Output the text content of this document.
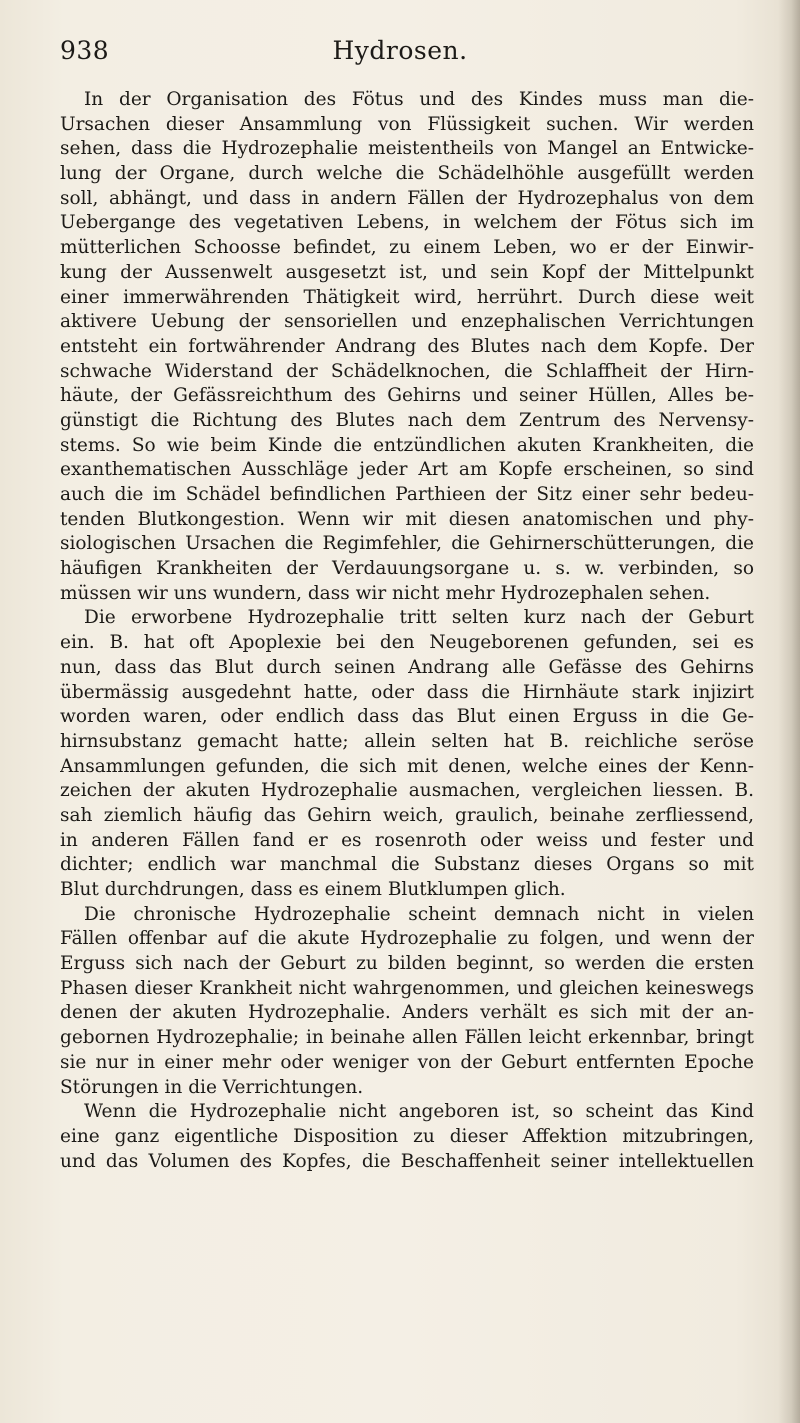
938	Hydrosen.
In der Organisation des Fötus und des Kindes muss man die-
Ursachen dieser Ansammlung von Flüssigkeit suchen. Wir werden
sehen, dass die Hydrozephalie meistentheils von Mangel an Entwicke-
lung der Organe, durch welche die Schädelhöhle ausgefüllt werden
soll, abhängt, und dass in andern Fällen der Hydrozephalus von dem
Uebergange des vegetativen Lebens, in welchem der Fötus sich im
mütterlichen Schoosse befindet, zu einem Leben, wo er der Einwir-
kung der Aussenwelt ausgesetzt ist, und sein Kopf der Mittelpunkt
einer immerwährenden Thätigkeit wird, herrührt. Durch diese weit
aktivere Uebung der sensoriellen und enzephalischen Verrichtungen
entsteht ein fortwährender Andrang des Blutes nach dem Kopfe. Der
schwache Widerstand der Schädelknochen, die Schlaffheit der Hirn-
häute, der Gefässreichthum des Gehirns und seiner Hüllen, Alles be-
günstigt die Richtung des Blutes nach dem Zentrum des Nervensy-
stems. So wie beim Kinde die entzündlichen akuten Krankheiten, die
exanthematischen Ausschläge jeder Art am Kopfe erscheinen, so sind
auch die im Schädel befindlichen Parthieen der Sitz einer sehr bedeu-
tenden Blutkongestion. Wenn wir mit diesen anatomischen und phy-
siologischen Ursachen die Regimfehler, die Gehirnerschütterungen, die
häufigen Krankheiten der Verdauungsorgane u. s. w. verbinden, so
müssen wir uns wundern, dass wir nicht mehr Hydrozephalen sehen.
Die erworbene Hydrozephalie tritt selten kurz nach der Geburt
ein. B. hat oft Apoplexie bei den Neugeborenen gefunden, sei es
nun, dass das Blut durch seinen Andrang alle Gefässe des Gehirns
übermässig ausgedehnt hatte, oder dass die Hirnhäute stark injizirt
worden waren, oder endlich dass das Blut einen Erguss in die Ge-
hirnsubstanz gemacht hatte; allein selten hat B. reichliche seröse
Ansammlungen gefunden, die sich mit denen, welche eines der Kenn-
zeichen der akuten Hydrozephalie ausmachen, vergleichen liessen. B.
sah ziemlich häufig das Gehirn weich, graulich, beinahe zerfliessend,
in anderen Fällen fand er es rosenroth oder weiss und fester und
dichter; endlich war manchmal die Substanz dieses Organs so mit
Blut durchdrungen, dass es einem Blutklumpen glich.
Die chronische Hydrozephalie scheint demnach nicht in vielen
Fällen offenbar auf die akute Hydrozephalie zu folgen, und wenn der
Erguss sich nach der Geburt zu bilden beginnt, so werden die ersten
Phasen dieser Krankheit nicht wahrgenommen, und gleichen keineswegs
denen der akuten Hydrozephalie. Anders verhält es sich mit der an-
gebornen Hydrozephalie; in beinahe allen Fällen leicht erkennbar, bringt
sie nur in einer mehr oder weniger von der Geburt entfernten Epoche
Störungen in die Verrichtungen.
Wenn die Hydrozephalie nicht angeboren ist, so scheint das Kind
eine ganz eigentliche Disposition zu dieser Affektion mitzubringen,
und das Volumen des Kopfes, die Beschaffenheit seiner intellektuellen
